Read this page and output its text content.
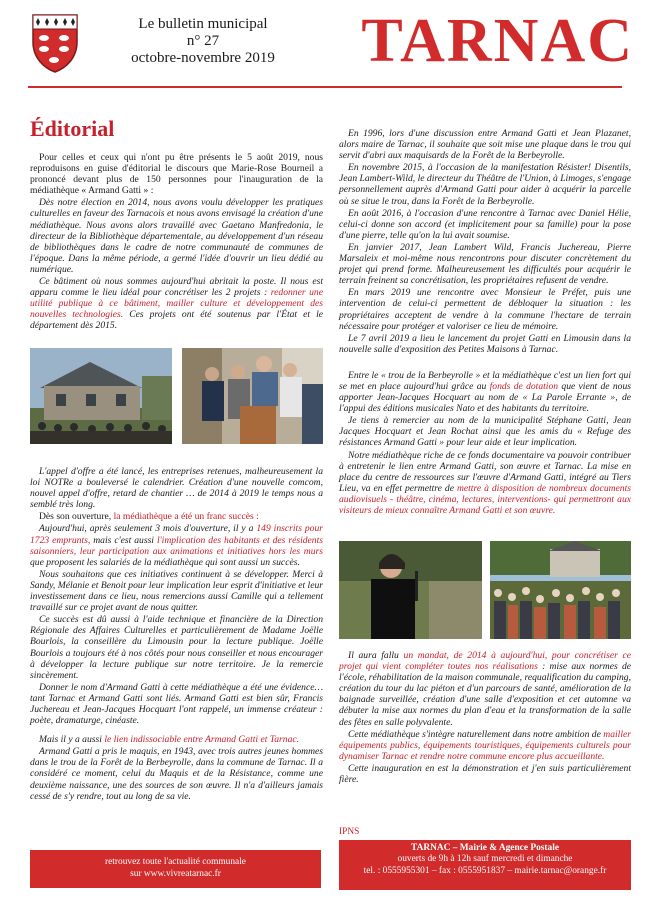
Le bulletin municipal
n° 27
octobre-novembre 2019	TARNAC
Éditorial

Pour celles et ceux qui n'ont pu être présents le 5 août 2019, nous reproduisons en guise d'éditorial le discours que Marie-Rose Bourneil a prononcé devant plus de 150 personnes pour l'inauguration de la médiathèque « Armand Gatti » :

Dès notre élection en 2014, nous avons voulu développer les pratiques culturelles en faveur des Tarnacois et nous avons envisagé la création d'une médiathèque. Nous avons alors travaillé avec Gaetano Manfredonia, le directeur de la Bibliothèque départementale, au développement d'un réseau de bibliothèques dans le cadre de notre communauté de communes de l'époque. Dans la même période, a germé l'idée d'ouvrir un lieu dédié au numérique.

Ce bâtiment où nous sommes aujourd'hui abritait la poste. Il nous est apparu comme le lieu idéal pour concrétiser les 2 projets : redonner une utilité publique à ce bâtiment, mailler culture et développement des nouvelles technologies. Ces projets ont été soutenus par l'État et le département dès 2015.

L'appel d'offre a été lancé, les entreprises retenues, malheureusement la loi NOTRe a bouleversé le calendrier. Création d'une nouvelle comcom, nouvel appel d'offre, retard de chantier … de 2014 à 2019 le temps nous a semblé très long.

Dès son ouverture, la médiathèque a été un franc succès :

Aujourd'hui, après seulement 3 mois d'ouverture, il y a 149 inscrits pour 1723 emprunts, mais c'est aussi l'implication des habitants et des résidents saisonniers, leur participation aux animations et initiatives hors les murs que proposent les salariés de la médiathèque qui sont aussi un succès.

Nous souhaitons que ces initiatives continuent à se développer. Merci à Sandy, Mélanie et Benoit pour leur implication leur esprit d'initiative et leur investissement dans ce lieu, nous remercions aussi Camille qui a tellement travaillé sur ce projet avant de nous quitter.

Ce succès est dû aussi à l'aide technique et financière de la Direction Régionale des Affaires Culturelles et particulièrement de Madame Joëlle Bourlois, la conseillère du Limousin pour la lecture publique. Joëlle Bourlois a toujours été à nos côtés pour nous conseiller et nous encourager à développer la lecture publique sur notre territoire. Je la remercie sincèrement.

Donner le nom d'Armand Gatti à cette médiathèque a été une évidence… tant Tarnac et Armand Gatti sont liés. Armand Gatti est bien sûr, Francis Juchereau et Jean-Jacques Hocquart l'ont rappelé, un immense créateur : poète, dramaturge, cinéaste.

Mais il y a aussi le lien indissociable entre Armand Gatti et Tarnac.

Armand Gatti a pris le maquis, en 1943, avec trois autres jeunes hommes dans le trou de la Forêt de la Berbeyrolle, dans la commune de Tarnac. Il a considéré ce moment, celui du Maquis et de la Résistance, comme une deuxième naissance, une des sources de son œuvre. Il n'a d'ailleurs jamais cessé de s'y rendre, tout au long de sa vie.

En 1996, lors d'une discussion entre Armand Gatti et Jean Plazanet, alors maire de Tarnac, il souhaite que soit mise une plaque dans le trou qui servit d'abri aux maquisards de la Forêt de la Berbeyrolle.

En novembre 2015, à l'occasion de la manifestation Résister! Disentils, Jean Lambert-Wild, le directeur du Théâtre de l'Union, à Limoges, s'engage personnellement auprès d'Armand Gatti pour aider à acquérir la parcelle où se situe le trou, dans la Forêt de la Berbeyrolle.

En août 2016, à l'occasion d'une rencontre à Tarnac avec Daniel Hélie, celui-ci donne son accord (et implicitement pour sa famille) pour la pose d'une pierre, telle qu'on la lui avait soumise.

En janvier 2017, Jean Lambert Wild, Francis Juchereau, Pierre Marsaleix et moi-même nous rencontrons pour discuter concrètement du projet qui prend forme. Malheureusement les difficultés pour acquérir le terrain freinent sa concrétisation, les propriétaires refusent de vendre.

En mars 2019 une rencontre avec Monsieur le Préfet, puis une intervention de celui-ci permettent de débloquer la situation : les propriétaires acceptent de vendre à la commune l'hectare de terrain nécessaire pour protéger et valoriser ce lieu de mémoire.

Le 7 avril 2019 a lieu le lancement du projet Gatti en Limousin dans la nouvelle salle d'exposition des Petites Maisons à Tarnac.

Entre le « trou de la Berbeyrolle » et la médiathèque c'est un lien fort qui se met en place aujourd'hui grâce au fonds de dotation que vient de nous apporter Jean-Jacques Hocquart au nom de « La Parole Errante », de l'appui des éditions musicales Nato et des habitants du territoire.

Je tiens à remercier au nom de la municipalité Stéphane Gatti, Jean Jacques Hocquart et Jean Rochat ainsi que les amis du « Refuge des résistances Armand Gatti » pour leur aide et leur implication.

Notre médiathèque riche de ce fonds documentaire va pouvoir contribuer à entretenir le lien entre Armand Gatti, son œuvre et Tarnac. La mise en place du centre de ressources sur l'œuvre d'Armand Gatti, intégré au Tiers Lieu, va en effet permettre de mettre à disposition de nombreux documents audiovisuels - théâtre, cinéma, lectures, interventions- qui permettront aux visiteurs de mieux connaître Armand Gatti et son œuvre.

Il aura fallu un mandat, de 2014 à aujourd'hui, pour concrétiser ce projet qui vient compléter toutes nos réalisations : mise aux normes de l'école, réhabilitation de la maison communale, requalification du camping, création du tour du lac piéton et d'un parcours de santé, amélioration de la baignade surveillée, création d'une salle d'exposition et cet automne va débuter la mise aux normes du plan d'eau et la transformation de la salle des fêtes en salle polyvalente.

Cette médiathèque s'intègre naturellement dans notre ambition de mailler équipements publics, équipements touristiques, équipements culturels pour dynamiser Tarnac et rendre notre commune encore plus accueillante.

Cette inauguration en est la démonstration et j'en suis particulièrement fière.

IPNS
retrouvez toute l'actualité communale
sur www.vivreatarnac.fr
TARNAC – Mairie & Agence Postale
ouverts de 9h à 12h sauf mercredi et dimanche
tel. : 0555955301 – fax : 0555951837 – mairie.tarnac@orange.fr
